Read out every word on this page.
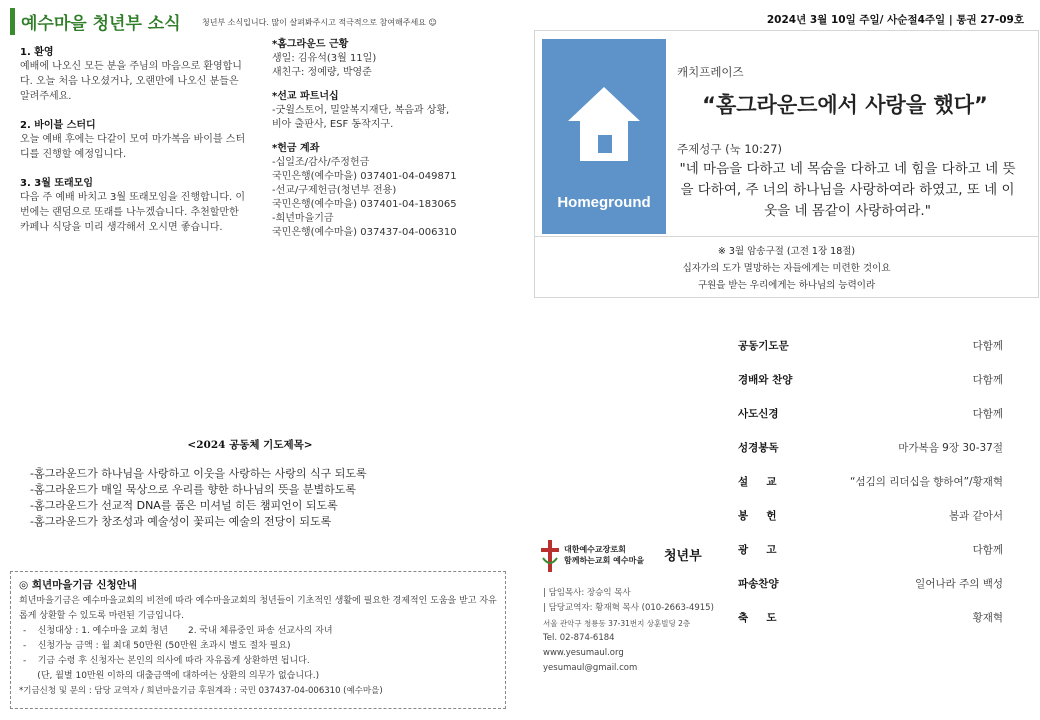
예수마을 청년부 소식	청년부 소식입니다. 많이 살펴봐주시고 적극적으로 참여해주세요 ☺	2024년 3월 10일 주일/ 사순절4주일 | 통권 27-09호
1. 환영
예배에 나오신 모든 분을 주님의 마음으로 환영합니다. 오늘 처음 나오셨거나, 오랜만에 나오신 분들은 알려주세요.
2. 바이블 스터디
오늘 예배 후에는 다같이 모여 마가복음 바이블 스터디를 진행할 예정입니다.
3. 3월 또래모임
다음 주 예배 바치고 3월 또래모임을 진행합니다. 이번에는 랜덤으로 또래를 나누겠습니다. 추천할만한 카페나 식당을 미리 생각해서 오시면 좋습니다.
*홈그라운드 근황
생일: 김유석(3월 11일)
새친구: 정예량, 박영준
*선교 파트너십
-굿윌스토어, 밀알복지재단, 복음과 상황,
비아 출판사, ESF 동작지구.
*헌금 계좌
-십일조/감사/주정헌금
국민은행(예수마을) 037401-04-049871
-선교/구제헌금(청년부 전용)
국민은행(예수마을) 037401-04-183065
-희년마을기금
국민은행(예수마을) 037437-04-006310
Homeground
캐치프레이즈
“홈그라운드에서 사랑을 했다”
주제성구 (눅 10:27)
"네 마음을 다하고 네 목숨을 다하고 네 힘을 다하고 네 뜻을 다하여, 주 너의 하나님을 사랑하여라 하였고, 또 네 이웃을 네 몸같이 사랑하여라."
※ 3월 암송구절 (고전 1장 18절)
십자가의 도가 멸망하는 자들에게는 미련한 것이요
구원을 받는 우리에게는 하나님의 능력이라
<2024 공동체 기도제목>
-홈그라운드가 하나님을 사랑하고 이웃을 사랑하는 사랑의 식구 되도록
-홈그라운드가 매일 묵상으로 우리를 향한 하나님의 뜻을 분별하도록
-홈그라운드가 선교적 DNA를 품은 미셔널 히든 챔피언이 되도록
-홈그라운드가 창조성과 예술성이 꽃피는 예술의 전당이 되도록
◎ 희년마을기금 신청안내
희년마을기금은 예수마을교회의 비전에 따라 예수마을교회의 청년들이 기초적인 생활에 필요한 경제적인 도움을 받고 자유롭게 상환할 수 있도록 마련된 기금입니다.
-    신청대상 : 1. 예수마을 교회 청년       2. 국내 체류중인 파송 선교사의 자녀
-    신청가능 금액 : 월 최대 50만원 (50만원 초과시 별도 절차 필요)
-    기금 수령 후 신청자는 본인의 의사에 따라 자유롭게 상환하면 됩니다.
(단, 월별 10만원 이하의 대출금액에 대하여는 상환의 의무가 없습니다.)
*기금신청 및 문의 : 담당 교역자 / 희년마을기금 후원계좌 : 국민 037437-04-006310 (예수마을)
대한예수교장로회
함께하는교회 예수마을 청년부
| 담임목사: 장승익 목사
| 담당교역자: 황재혁 목사 (010-2663-4915)
서울 관악구 청룡동 37-31번지 상훈빌딩 2층
Tel. 02-874-6184
www.yesumaul.org
yesumaul@gmail.com
공동기도문	다함께
경배와 찬양	다함께
사도신경	다함께
성경봉독	마가복음 9장 30-37절
설     교	“섬김의 리더십을 향하여”/황재혁
봉     헌	봄과 같아서
광     고	다함께
파송찬양	일어나라 주의 백성
축     도	황재혁
